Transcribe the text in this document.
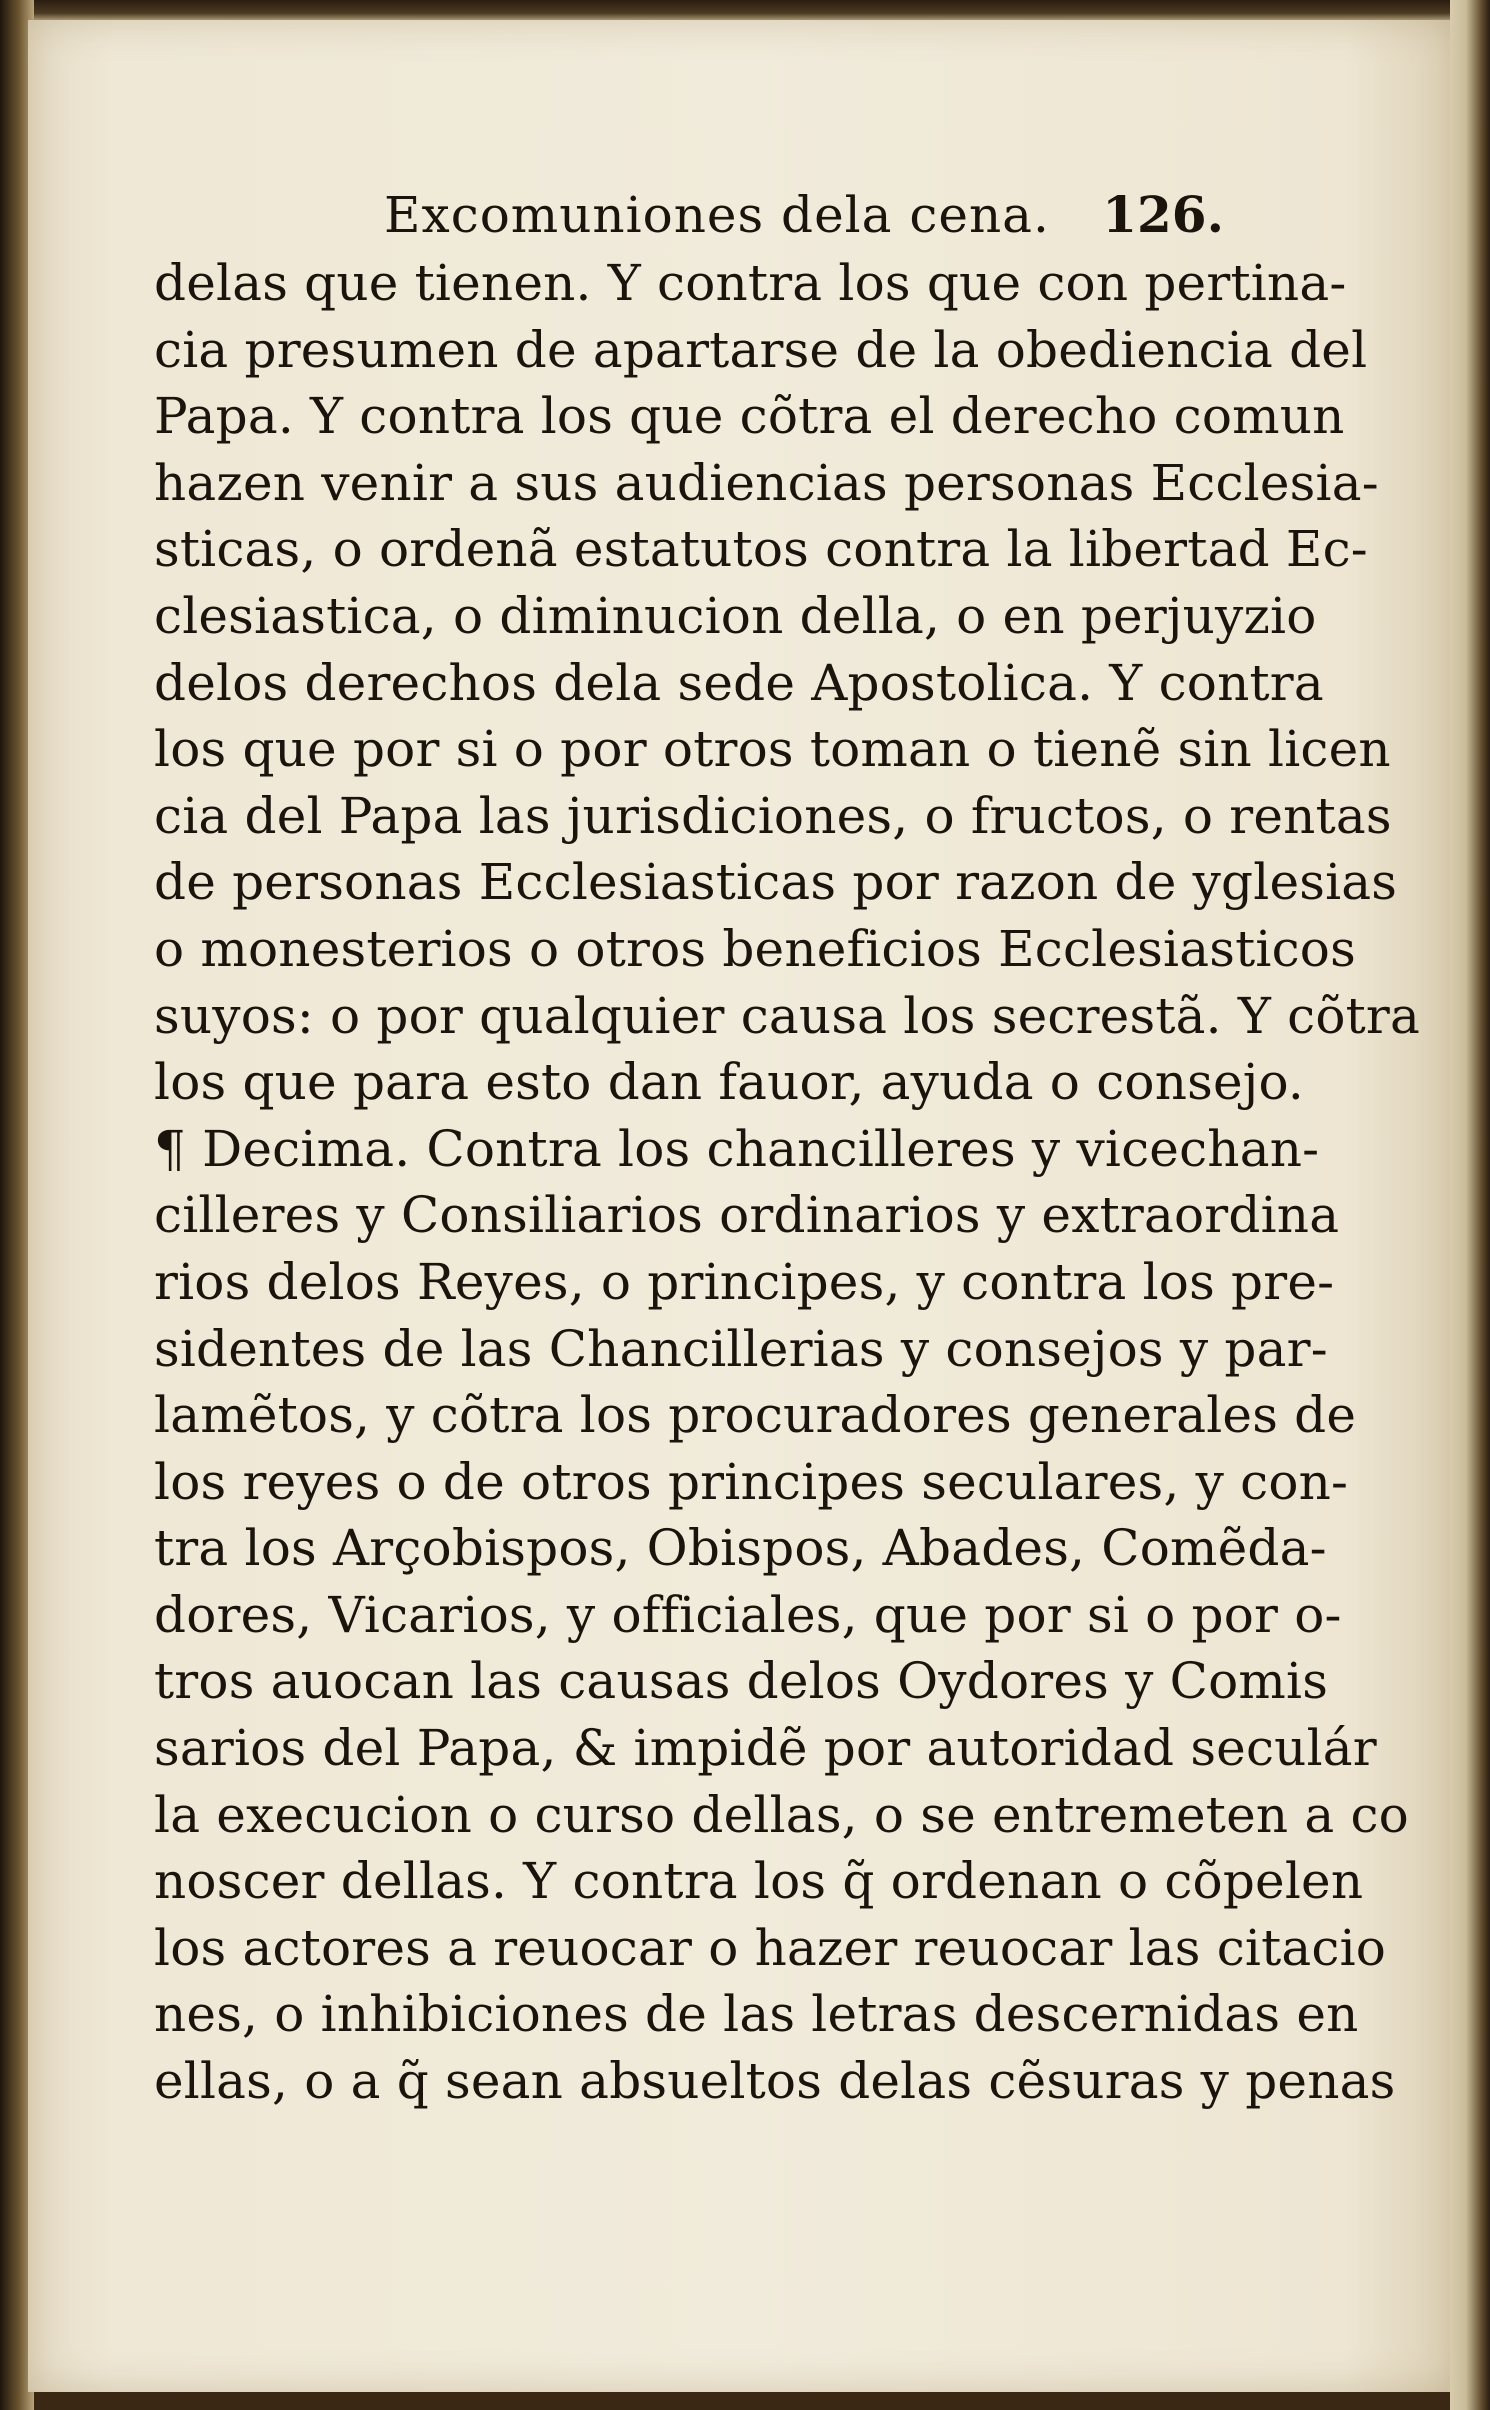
Excomuniones dela cena. 126.
delas que tienen. Y contra los que con pertina-
cia presumen de apartarse de la obediencia del
Papa. Y contra los que cõtra el derecho comun
hazen venir a sus audiencias personas Ecclesia-
sticas, o ordenã estatutos contra la libertad Ec-
clesiastica, o diminucion della, o en perjuyzio
delos derechos dela sede Apostolica. Y contra
los que por si o por otros toman o tienẽ sin licen
cia del Papa las jurisdiciones, o fructos, o rentas
de personas Ecclesiasticas por razon de yglesias
o monesterios o otros beneficios Ecclesiasticos
suyos: o por qualquier causa los secrestã. Y cõtra
los que para esto dan fauor, ayuda o consejo.
¶ Decima. Contra los chancilleres y vicechan-
cilleres y Consiliarios ordinarios y extraordina
rios delos Reyes, o principes, y contra los pre-
sidentes de las Chancillerias y consejos y par-
lamẽtos, y cõtra los procuradores generales de
los reyes o de otros principes seculares, y con-
tra los Arçobispos, Obispos, Abades, Comẽda-
dores, Vicarios, y officiales, que por si o por o-
tros auocan las causas delos Oydores y Comis
sarios del Papa, & impidẽ por autoridad seculár
la execucion o curso dellas, o se entremeten a co
noscer dellas. Y contra los q̃ ordenan o cõpelen
los actores a reuocar o hazer reuocar las citacio
nes, o inhibiciones de las letras descernidas en
ellas, o a q̃ sean absueltos delas cẽsuras y penas
